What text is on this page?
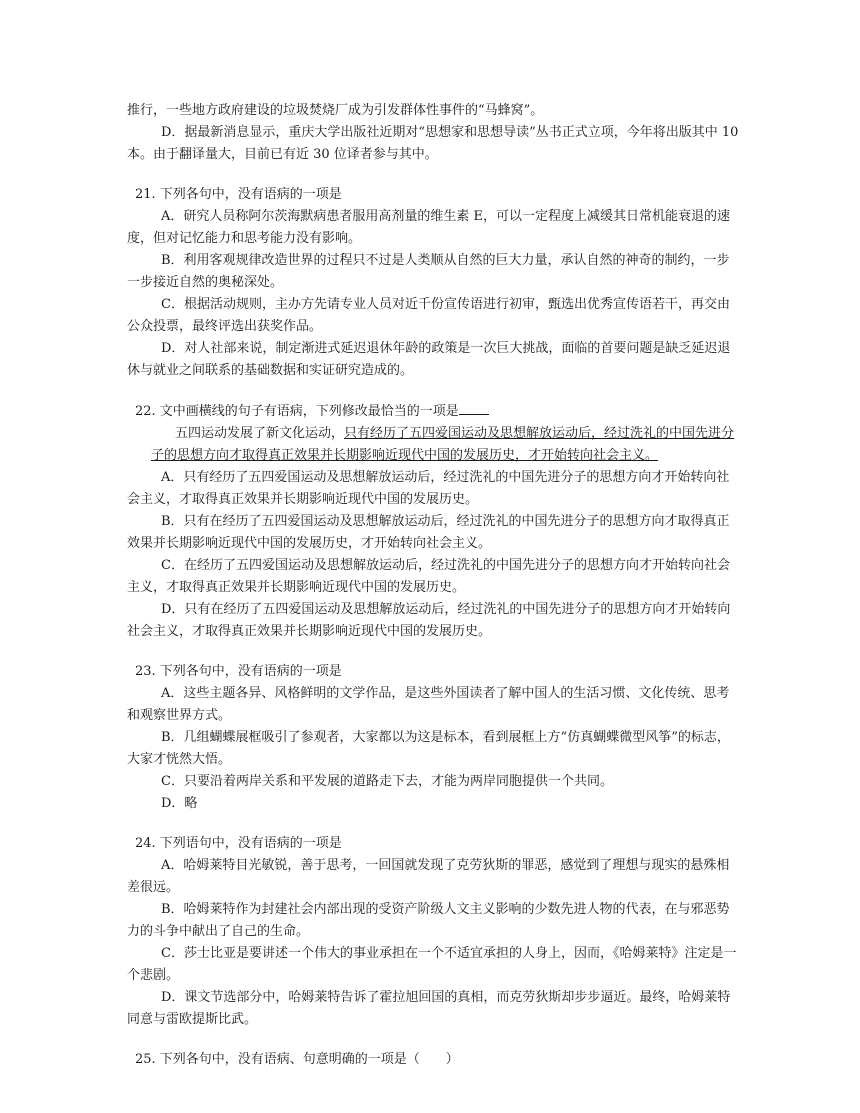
推行，一些地方政府建设的垃圾焚烧厂成为引发群体性事件的“马蜂窝”。

D．据最新消息显示，重庆大学出版社近期对“思想家和思想导读”丛书正式立项，今年将出版其中 10 本。由于翻译量大，目前已有近 30 位译者参与其中。

21. 下列各句中，没有语病的一项是

A．研究人员称阿尔茨海默病患者服用高剂量的维生素 E，可以一定程度上减缓其日常机能衰退的速度，但对记忆能力和思考能力没有影响。

B．利用客观规律改造世界的过程只不过是人类顺从自然的巨大力量，承认自然的神奇的制约，一步一步接近自然的奥秘深处。

C．根据活动规则，主办方先请专业人员对近千份宣传语进行初审，甄选出优秀宣传语若干，再交由公众投票，最终评选出获奖作品。

D．对人社部来说，制定渐进式延迟退休年龄的政策是一次巨大挑战，面临的首要问题是缺乏延迟退休与就业之间联系的基础数据和实证研究造成的。

22. 文中画横线的句子有语病，下列修改最恰当的一项是

五四运动发展了新文化运动，只有经历了五四爱国运动及思想解放运动后，经过洗礼的中国先进分子的思想方向才取得真正效果并长期影响近现代中国的发展历史，才开始转向社会主义。

A．只有经历了五四爱国运动及思想解放运动后，经过洗礼的中国先进分子的思想方向才开始转向社会主义，才取得真正效果并长期影响近现代中国的发展历史。

B．只有在经历了五四爱国运动及思想解放运动后，经过洗礼的中国先进分子的思想方向才取得真正效果并长期影响近现代中国的发展历史，才开始转向社会主义。

C．在经历了五四爱国运动及思想解放运动后，经过洗礼的中国先进分子的思想方向才开始转向社会主义，才取得真正效果并长期影响近现代中国的发展历史。

D．只有在经历了五四爱国运动及思想解放运动后，经过洗礼的中国先进分子的思想方向才开始转向社会主义，才取得真正效果并长期影响近现代中国的发展历史。

23. 下列各句中，没有语病的一项是

A．这些主题各异、风格鲜明的文学作品，是这些外国读者了解中国人的生活习惯、文化传统、思考和观察世界方式。

B．几组蝴蝶展框吸引了参观者，大家都以为这是标本，看到展框上方“仿真蝴蝶微型风筝”的标志，大家才恍然大悟。

C．只要沿着两岸关系和平发展的道路走下去，才能为两岸同胞提供一个共同。

D．略

24. 下列语句中，没有语病的一项是

A．哈姆莱特目光敏锐，善于思考，一回国就发现了克劳狄斯的罪恶，感觉到了理想与现实的悬殊相差很远。

B．哈姆莱特作为封建社会内部出现的受资产阶级人文主义影响的少数先进人物的代表，在与邪恶势力的斗争中献出了自己的生命。

C．莎士比亚是要讲述一个伟大的事业承担在一个不适宜承担的人身上，因而，《哈姆莱特》注定是一个悲剧。

D．课文节选部分中，哈姆莱特告诉了霍拉旭回国的真相，而克劳狄斯却步步逼近。最终，哈姆莱特同意与雷欧提斯比武。

25. 下列各句中，没有语病、句意明确的一项是（　　）
